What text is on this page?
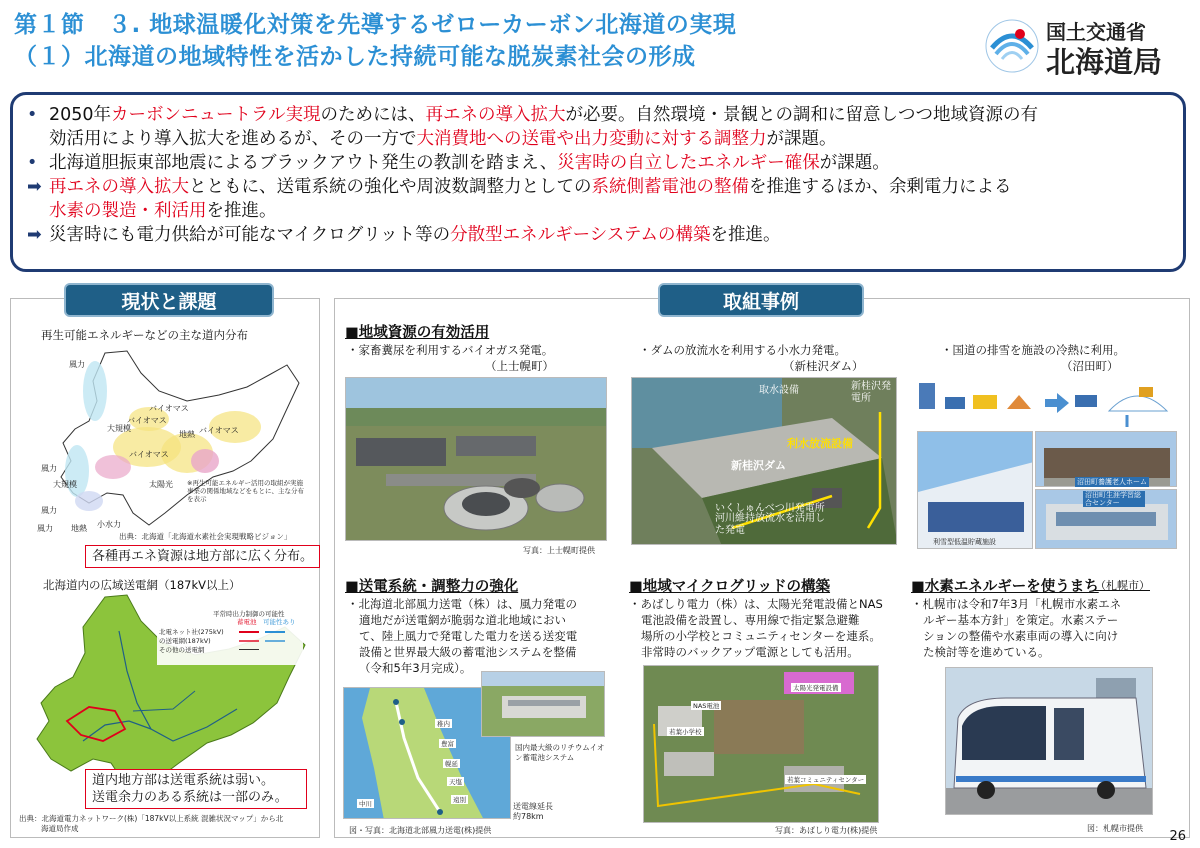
第１節　３. 地球温暖化対策を先導するゼローカーボン北海道の実現
（１）北海道の地域特性を活かした持続可能な脱炭素社会の形成
国土交通省
北海道局
• 2050年カーボンニュートラル実現のためには、再エネの導入拡大が必要。自然環境・景観との調和に留意しつつ地域資源の有
効活用により導入拡大を進めるが、その一方で大消費地への送電や出力変動に対する調整力が課題。
• 北海道胆振東部地震によるブラックアウト発生の教訓を踏まえ、災害時の自立したエネルギー確保が課題。
➡ 再エネの導入拡大とともに、送電系統の強化や周波数調整力としての系統側蓄電池の整備を推進するほか、余剰電力による
水素の製造・利活用を推進。
➡ 災害時にも電力供給が可能なマイクログリット等の分散型エネルギーシステムの構築を推進。
再生可能エネルギーなどの主な道内分布
風力
バイオマス
バイオマス
バイオマス
バイオマス
太陽光
風力
地熱
大規模
風力
大規模
風力 地熱 小水力
※再生可能エネルギー活用の取組が実施事業の関係地域などをもとに、主な分布を表示
出典：北海道「北海道水素社会実現戦略ビジョン」
各種再エネ資源は地方部に広く分布。
北海道内の広域送電網（187kV以上）
平常時出力制御の可能性
蓄電池 可能性あり
北電ネット社(275kV)
の送電網(187kV)
その他の送電網
道内地方部は送電系統は弱い。
送電余力のある系統は一部のみ。
出典：北海道電力ネットワーク(株)「187kV以上系統 混雑状況マップ」から北
海道局作成
現状と課題
■地域資源の有効活用
・家畜糞尿を利用するバイオガス発電。
（上士幌町）
写真：上士幌町提供
・ダムの放流水を利用する小水力発電。
（新桂沢ダム）
取水設備	新桂沢発電所
利水放流設備
新桂沢ダム
いくしゅんべつ川発電所
河川維持放流水を活用した発電
・国道の排雪を施設の冷熱に利用。
（沼田町）
利雪型低温貯蔵施設
沼田町養護老人ホーム
沼田町生涯学習総合センター
■送電系統・調整力の強化
・北海道北部風力送電（株）は、風力発電の
適地だが送電網が脆弱な道北地域におい
て、陸上風力で発電した電力を送る送変電
設備と世界最大級の蓄電池システムを整備
（令和5年3月完成）。
稚内
豊富
幌延
天塩
遠別
中川
国内最大級のリチウムイオン蓄電池システム
送電線延長
約78km
図・写真：北海道北部風力送電(株)提供
■地域マイクログリッドの構築
・あばしり電力（株）は、太陽光発電設備とNAS
電池設備を設置し、専用線で指定緊急避難
場所の小学校とコミュニティセンターを連系。
非常時のバックアップ電源としても活用。
太陽光発電設備
NAS電池
若葉小学校
若葉コミュニティセンター
写真：あばしり電力(株)提供
■水素エネルギーを使うまち
（札幌市）
・札幌市は令和7年3月「札幌市水素エネ
ルギー基本方針」を策定。水素ステー
ションの整備や水素車両の導入に向け
た検討等を進めている。
図：札幌市提供
取組事例
26
